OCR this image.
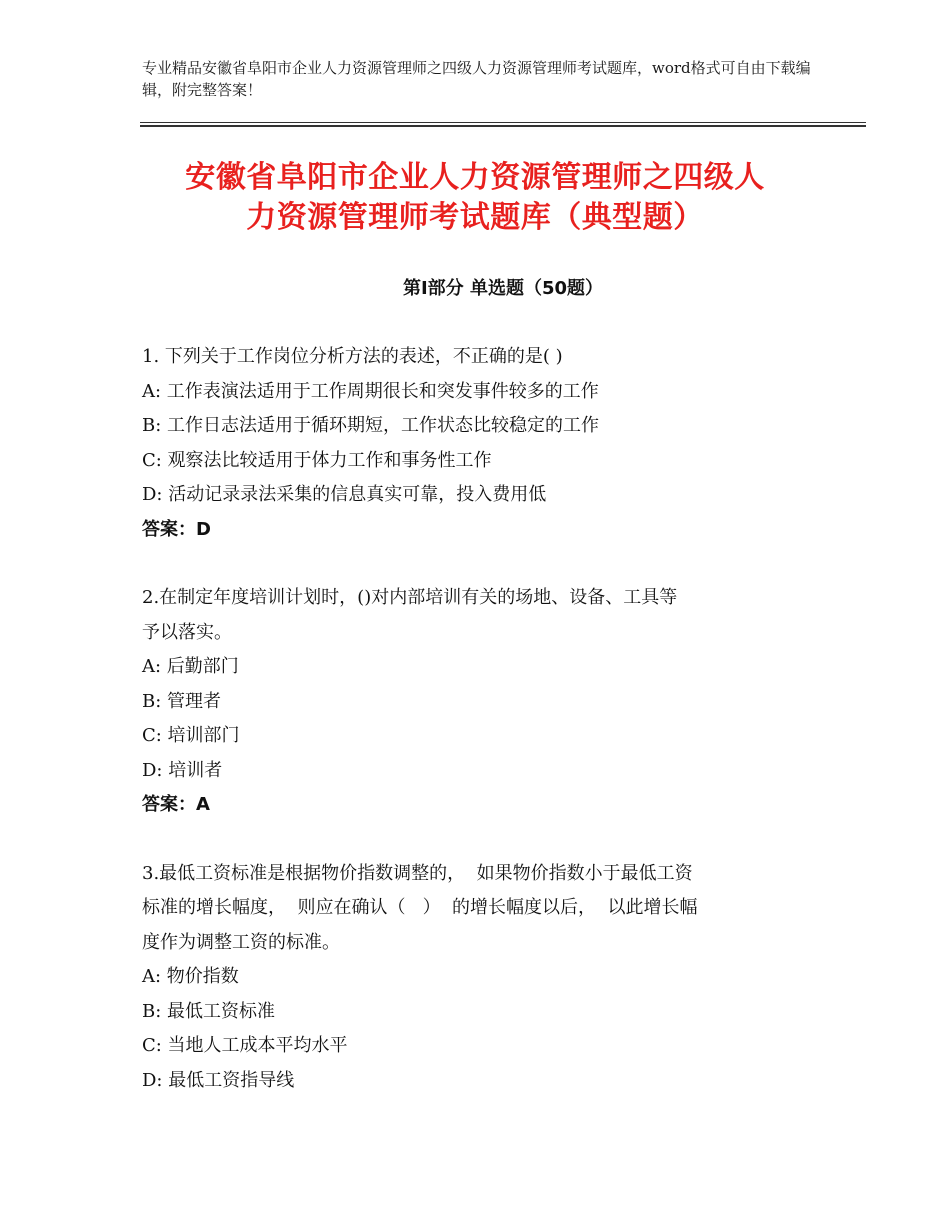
专业精品安徽省阜阳市企业人力资源管理师之四级人力资源管理师考试题库，word格式可自由下载编辑，附完整答案！
安徽省阜阳市企业人力资源管理师之四级人
力资源管理师考试题库（典型题）
第Ⅰ部分 单选题（50题）
1. 下列关于工作岗位分析方法的表述，不正确的是( )
A: 工作表演法适用于工作周期很长和突发事件较多的工作
B: 工作日志法适用于循环期短，工作状态比较稳定的工作
C: 观察法比较适用于体力工作和事务性工作
D: 活动记录录法采集的信息真实可靠，投入费用低
答案：D
2.在制定年度培训计划时，()对内部培训有关的场地、设备、工具等
予以落实。
A: 后勤部门
B: 管理者
C: 培训部门
D: 培训者
答案：A
3.最低工资标准是根据物价指数调整的，  如果物价指数小于最低工资
标准的增长幅度，  则应在确认（   ）  的增长幅度以后，  以此增长幅
度作为调整工资的标准。
A: 物价指数
B: 最低工资标准
C: 当地人工成本平均水平
D: 最低工资指导线
